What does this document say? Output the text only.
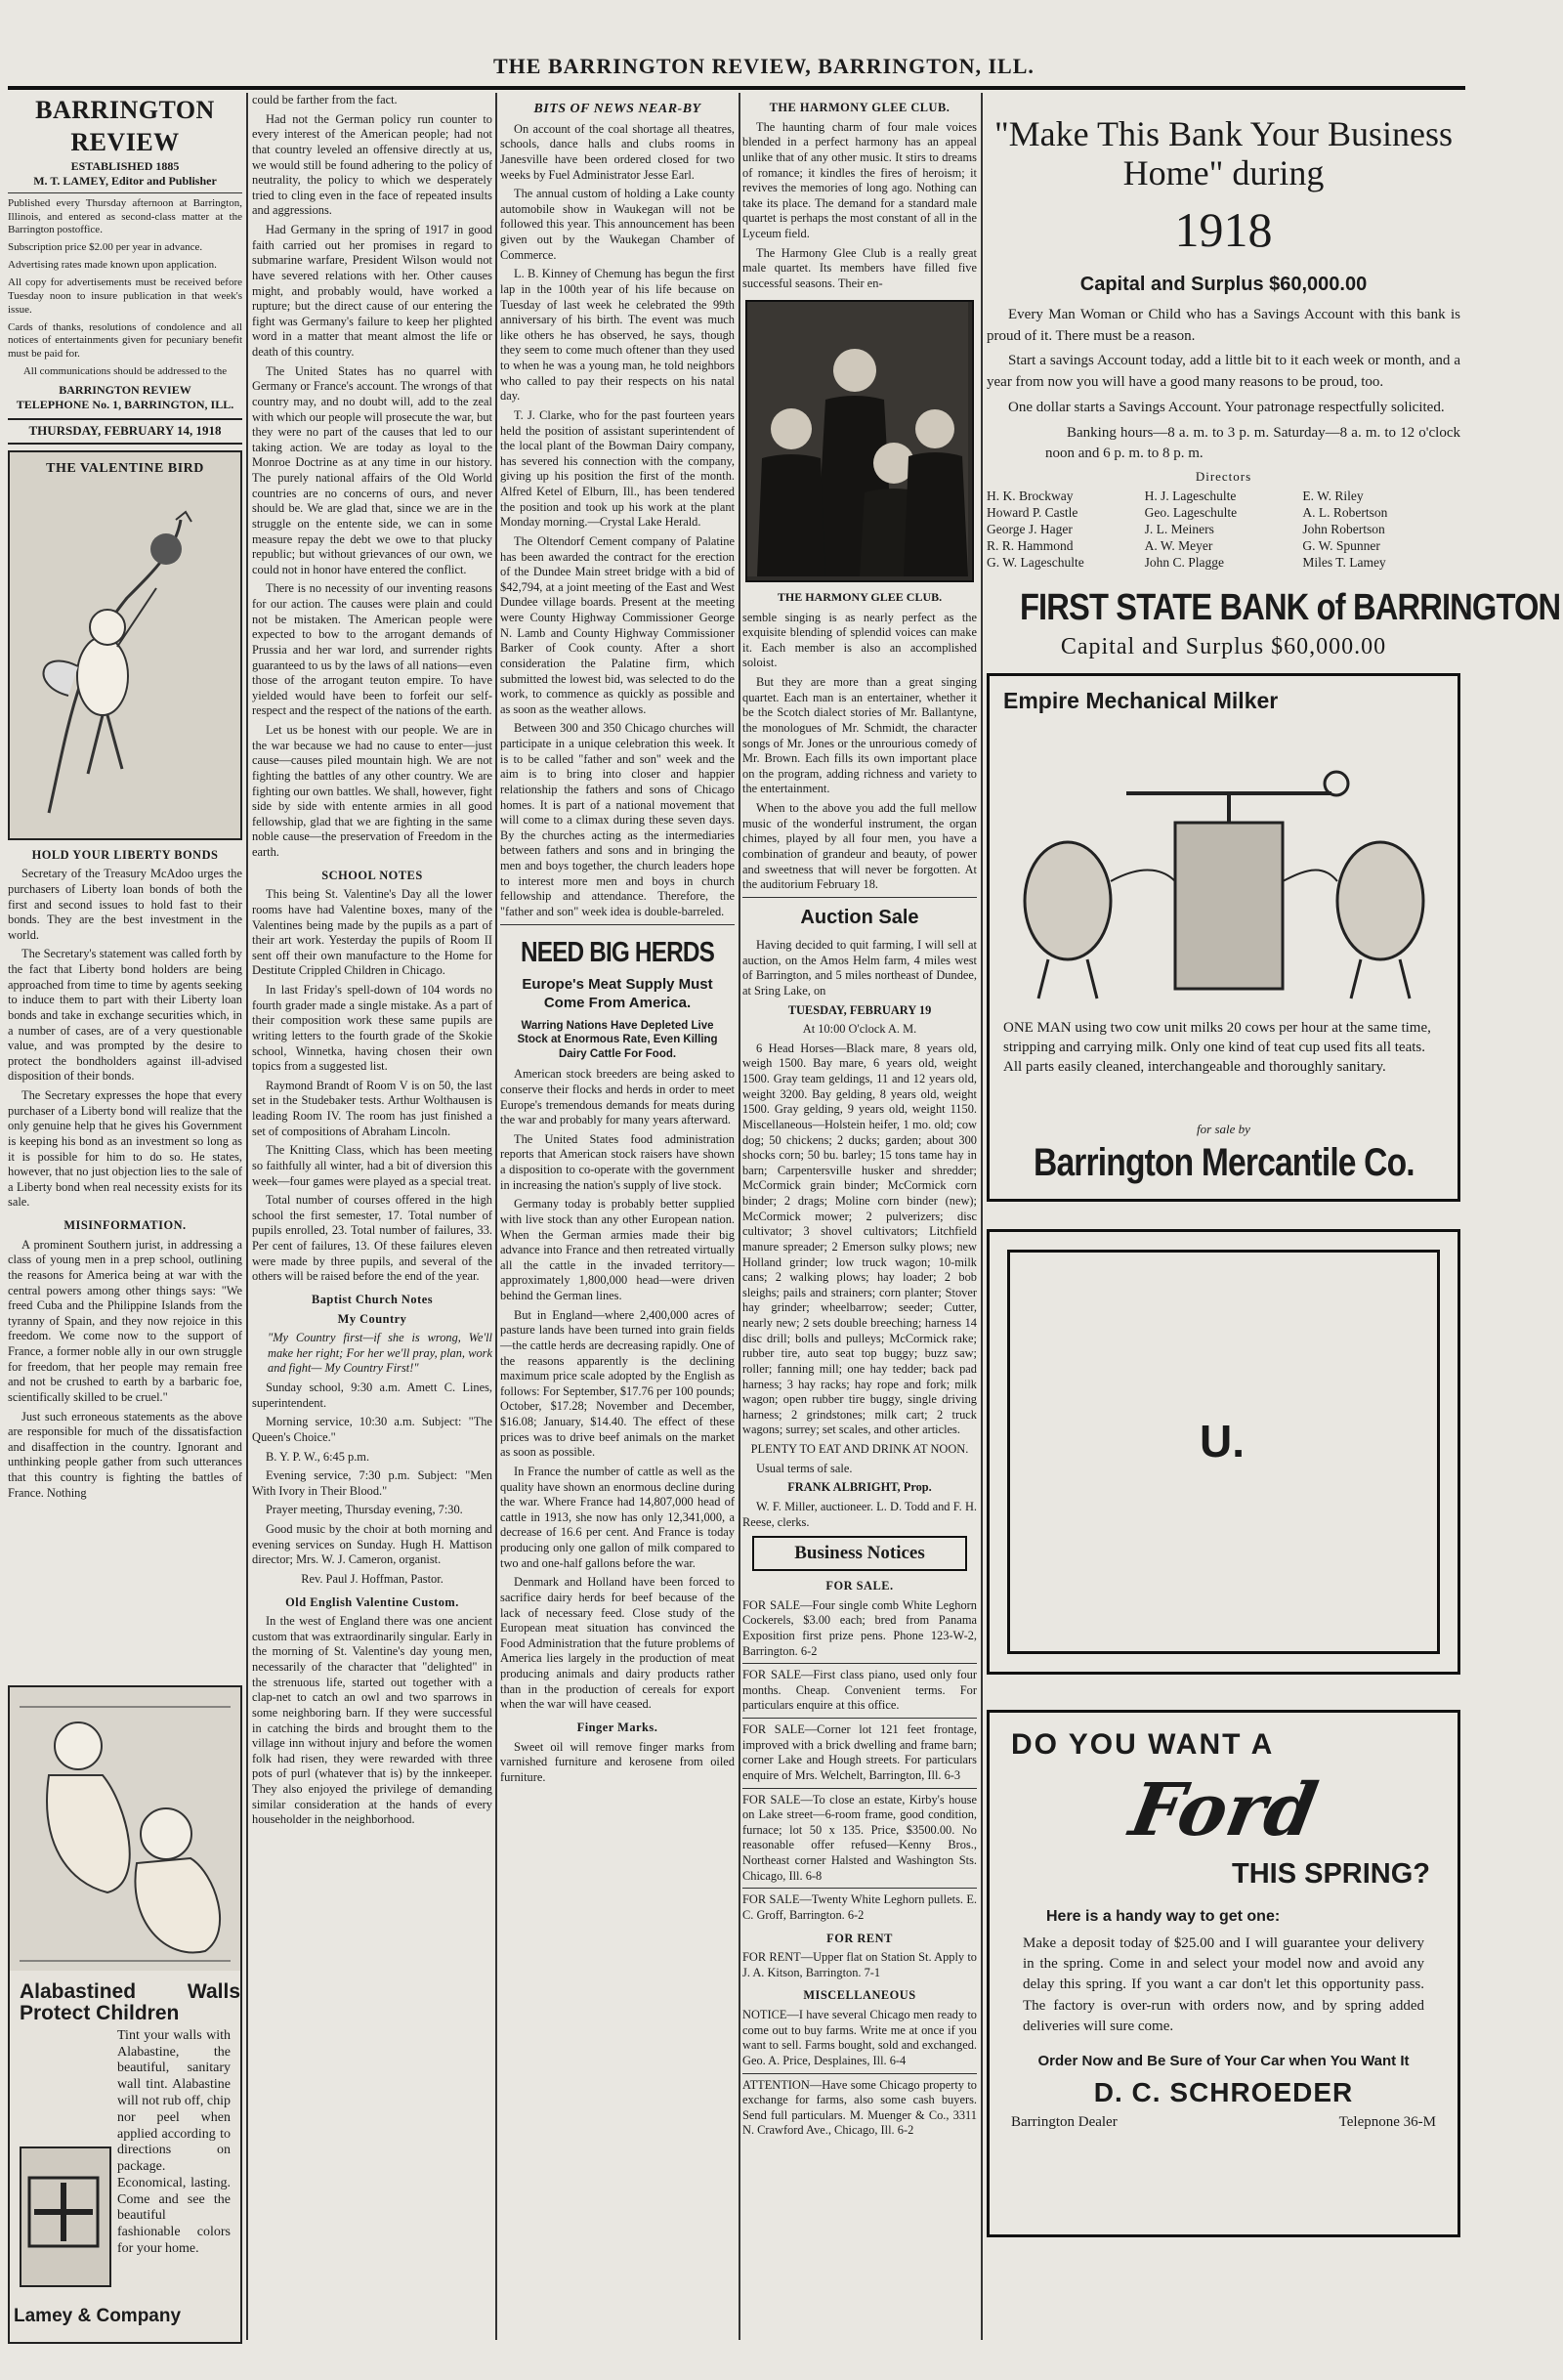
THE BARRINGTON REVIEW, BARRINGTON, ILL.
BARRINGTON REVIEW
ESTABLISHED 1885
M. T. LAMEY, Editor and Publisher

Published every Thursday afternoon at Barrington, Illinois, and entered as second-class matter at the Barrington postoffice.

Subscription price $2.00 per year in advance.

Advertising rates made known upon application.

All copy for advertisements must be received before Tuesday noon to insure publication in that week's issue.

Cards of thanks, resolutions of condolence and all notices of entertainments given for pecuniary benefit must be paid for.

All communications should be addressed to the

BARRINGTON REVIEW
TELEPHONE No. 1, BARRINGTON, ILL.
THURSDAY, FEBRUARY 14, 1918
THE VALENTINE BIRD
HOLD YOUR LIBERTY BONDS

Secretary of the Treasury McAdoo urges the purchasers of Liberty loan bonds of both the first and second issues to hold fast to their bonds. They are the best investment in the world.

The Secretary's statement was called forth by the fact that Liberty bond holders are being approached from time to time by agents seeking to induce them to part with their Liberty loan bonds and take in exchange securities which, in a number of cases, are of a very questionable value, and was prompted by the desire to protect the bondholders against ill-advised disposition of their bonds.

The Secretary expresses the hope that every purchaser of a Liberty bond will realize that the only genuine help that he gives his Government is keeping his bond as an investment so long as it is possible for him to do so. He states, however, that no just objection lies to the sale of a Liberty bond when real necessity exists for its sale.

MISINFORMATION.

A prominent Southern jurist, in addressing a class of young men in a prep school, outlining the reasons for America being at war with the central powers among other things says: "We freed Cuba and the Philippine Islands from the tyranny of Spain, and they now rejoice in this freedom. We come now to the support of France, a former noble ally in our own struggle for freedom, that her people may remain free and not be crushed to earth by a barbaric foe, scientifically skilled to be cruel."

Just such erroneous statements as the above are responsible for much of the dissatisfaction and disaffection in the country. Ignorant and unthinking people gather from such utterances that this country is fighting the battles of France. Nothing

Alabastined Walls Protect Children
Tint your walls with Alabastine, the beautiful, sanitary wall tint. Alabastine will not rub off, chip nor peel when applied according to directions on package. Economical, lasting. Come and see the beautiful fashionable colors for your home.
Lamey & Company

could be farther from the fact.

Had not the German policy run counter to every interest of the American people; had not that country leveled an offensive directly at us, we would still be found adhering to the policy of neutrality, the policy to which we desperately tried to cling even in the face of repeated insults and aggressions.

Had Germany in the spring of 1917 in good faith carried out her promises in regard to submarine warfare, President Wilson would not have severed relations with her. Other causes might, and probably would, have worked a rupture; but the direct cause of our entering the fight was Germany's failure to keep her plighted word in a matter that meant almost the life or death of this country.

The United States has no quarrel with Germany or France's account. The wrongs of that country may, and no doubt will, add to the zeal with which our people will prosecute the war, but they were no part of the causes that led to our taking action. We are today as loyal to the Monroe Doctrine as at any time in our history. The purely national affairs of the Old World countries are no concerns of ours, and never should be. We are glad that, since we are in the struggle on the entente side, we can in some measure repay the debt we owe to that plucky republic; but without grievances of our own, we could not in honor have entered the conflict.

There is no necessity of our inventing reasons for our action. The causes were plain and could not be mistaken. The American people were expected to bow to the arrogant demands of Prussia and her war lord, and surrender rights guaranteed to us by the laws of all nations—even those of the arrogant teuton empire. To have yielded would have been to forfeit our self-respect and the respect of the nations of the earth.

Let us be honest with our people. We are in the war because we had no cause to enter—just cause—causes piled mountain high. We are not fighting the battles of any other country. We are fighting our own battles. We shall, however, fight side by side with entente armies in all good fellowship, glad that we are fighting in the same noble cause—the preservation of Freedom in the earth.

SCHOOL NOTES

This being St. Valentine's Day all the lower rooms have had Valentine boxes, many of the Valentines being made by the pupils as a part of their art work. Yesterday the pupils of Room II sent off their own manufacture to the Home for Destitute Crippled Children in Chicago.

In last Friday's spell-down of 104 words no fourth grader made a single mistake. As a part of their composition work these same pupils are writing letters to the fourth grade of the Skokie school, Winnetka, having chosen their own topics from a suggested list.

Raymond Brandt of Room V is on 50, the last set in the Studebaker tests. Arthur Wolthausen is leading Room IV. The room has just finished a set of compositions of Abraham Lincoln.

The Knitting Class, which has been meeting so faithfully all winter, had a bit of diversion this week—four games were played as a special treat.

Total number of courses offered in the high school the first semester, 17. Total number of pupils enrolled, 23. Total number of failures, 33. Per cent of failures, 13. Of these failures eleven were made by three pupils, and several of the others will be raised before the end of the year.

Baptist Church Notes
My Country

"My Country first—if she is wrong, We'll make her right; For her we'll pray, plan, work and fight— My Country First!"

Sunday school, 9:30 a.m. Amett C. Lines, superintendent.

Morning service, 10:30 a.m. Subject: "The Queen's Choice."

B. Y. P. W., 6:45 p.m.

Evening service, 7:30 p.m. Subject: "Men With Ivory in Their Blood."

Prayer meeting, Thursday evening, 7:30.

Good music by the choir at both morning and evening services on Sunday. Hugh H. Mattison director; Mrs. W. J. Cameron, organist.

Rev. Paul J. Hoffman, Pastor.

Old English Valentine Custom.

In the west of England there was one ancient custom that was extraordinarily singular. Early in the morning of St. Valentine's day young men, necessarily of the character that "delighted" in the strenuous life, started out together with a clap-net to catch an owl and two sparrows in some neighboring barn. If they were successful in catching the birds and brought them to the village inn without injury and before the women folk had risen, they were rewarded with three pots of purl (whatever that is) by the innkeeper. They also enjoyed the privilege of demanding similar consideration at the hands of every householder in the neighborhood.

BITS OF NEWS NEAR-BY

On account of the coal shortage all theatres, schools, dance halls and clubs rooms in Janesville have been ordered closed for two weeks by Fuel Administrator Jesse Earl.

The annual custom of holding a Lake county automobile show in Waukegan will not be followed this year. This announcement has been given out by the Waukegan Chamber of Commerce.

L. B. Kinney of Chemung has begun the first lap in the 100th year of his life because on Tuesday of last week he celebrated the 99th anniversary of his birth. The event was much like others he has observed, he says, though they seem to come much oftener than they used to when he was a young man, he told neighbors who called to pay their respects on his natal day.

T. J. Clarke, who for the past fourteen years held the position of assistant superintendent of the local plant of the Bowman Dairy company, has severed his connection with the company, giving up his position the first of the month. Alfred Ketel of Elburn, Ill., has been tendered the position and took up his work at the plant Monday morning.—Crystal Lake Herald.

The Oltendorf Cement company of Palatine has been awarded the contract for the erection of the Dundee Main street bridge with a bid of $42,794, at a joint meeting of the East and West Dundee village boards. Present at the meeting were County Highway Commissioner George N. Lamb and County Highway Commissioner Barker of Cook county. After a short consideration the Palatine firm, which submitted the lowest bid, was selected to do the work, to commence as quickly as possible and as soon as the weather allows.

Between 300 and 350 Chicago churches will participate in a unique celebration this week. It is to be called "father and son" week and the aim is to bring into closer and happier relationship the fathers and sons of Chicago homes. It is part of a national movement that will come to a climax during these seven days. By the churches acting as the intermediaries between fathers and sons and in bringing the men and boys together, the church leaders hope to interest more men and boys in church fellowship and attendance. Therefore, the "father and son" week idea is double-barreled.

NEED BIG HERDS
Europe's Meat Supply Must Come From America.
Warring Nations Have Depleted Live Stock at Enormous Rate, Even Killing Dairy Cattle For Food.

American stock breeders are being asked to conserve their flocks and herds in order to meet Europe's tremendous demands for meats during the war and probably for many years afterward.

The United States food administration reports that American stock raisers have shown a disposition to co-operate with the government in increasing the nation's supply of live stock.

Germany today is probably better supplied with live stock than any other European nation. When the German armies made their big advance into France and then retreated virtually all the cattle in the invaded territory—approximately 1,800,000 head—were driven behind the German lines.

But in England—where 2,400,000 acres of pasture lands have been turned into grain fields—the cattle herds are decreasing rapidly. One of the reasons apparently is the declining maximum price scale adopted by the English as follows: For September, $17.76 per 100 pounds; October, $17.28; November and December, $16.08; January, $14.40. The effect of these prices was to drive beef animals on the market as soon as possible.

In France the number of cattle as well as the quality have shown an enormous decline during the war. Where France had 14,807,000 head of cattle in 1913, she now has only 12,341,000, a decrease of 16.6 per cent. And France is today producing only one gallon of milk compared to two and one-half gallons before the war.

Denmark and Holland have been forced to sacrifice dairy herds for beef because of the lack of necessary feed. Close study of the European meat situation has convinced the Food Administration that the future problems of America lies largely in the production of meat producing animals and dairy products rather than in the production of cereals for export when the war will have ceased.

Finger Marks.

Sweet oil will remove finger marks from varnished furniture and kerosene from oiled furniture.

THE HARMONY GLEE CLUB.

The haunting charm of four male voices blended in a perfect harmony has an appeal unlike that of any other music. It stirs to dreams of romance; it kindles the fires of heroism; it revives the memories of long ago. Nothing can take its place. The demand for a standard male quartet is perhaps the most constant of all in the Lyceum field.

The Harmony Glee Club is a really great male quartet. Its members have filled five successful seasons. Their en-

THE HARMONY GLEE CLUB.

semble singing is as nearly perfect as the exquisite blending of splendid voices can make it. Each member is also an accomplished soloist.

But they are more than a great singing quartet. Each man is an entertainer, whether it be the Scotch dialect stories of Mr. Ballantyne, the monologues of Mr. Schmidt, the character songs of Mr. Jones or the unrourious comedy of Mr. Brown. Each fills its own important place on the program, adding richness and variety to the entertainment.

When to the above you add the full mellow music of the wonderful instrument, the organ chimes, played by all four men, you have a combination of grandeur and beauty, of power and sweetness that will never be forgotten. At the auditorium February 18.

Auction Sale

Having decided to quit farming, I will sell at auction, on the Amos Helm farm, 4 miles west of Barrington, and 5 miles northeast of Dundee, at Sring Lake, on

TUESDAY, FEBRUARY 19

At 10:00 O'clock A. M.

6 Head Horses—Black mare, 8 years old, weigh 1500. Bay mare, 6 years old, weight 1500. Gray team geldings, 11 and 12 years old, weight 3200. Bay gelding, 8 years old, weight 1500. Gray gelding, 9 years old, weight 1150. Miscellaneous—Holstein heifer, 1 mo. old; cow dog; 50 chickens; 2 ducks; garden; about 300 shocks corn; 50 bu. barley; 15 tons tame hay in barn; Carpentersville husker and shredder; McCormick grain binder; McCormick corn binder; 2 drags; Moline corn binder (new); McCormick mower; 2 pulverizers; disc cultivator; 3 shovel cultivators; Litchfield manure spreader; 2 Emerson sulky plows; new Holland grinder; low truck wagon; 10-milk cans; 2 walking plows; hay loader; 2 bob sleighs; pails and strainers; corn planter; Stover hay grinder; wheelbarrow; seeder; Cutter, nearly new; 2 sets double breeching; harness 14 disc drill; bolls and pulleys; McCormick rake; rubber tire, auto seat top buggy; buzz saw; roller; fanning mill; one hay tedder; back pad harness; 3 hay racks; hay rope and fork; milk wagon; open rubber tire buggy, single driving harness; 2 grindstones; milk cart; 2 truck wagons; surrey; set scales, and other articles.

PLENTY TO EAT AND DRINK AT NOON.

Usual terms of sale.

FRANK ALBRIGHT, Prop.

W. F. Miller, auctioneer. L. D. Todd and F. H. Reese, clerks.

Business Notices
FOR SALE.

FOR SALE—Four single comb White Leghorn Cockerels, $3.00 each; bred from Panama Exposition first prize pens. Phone 123-W-2, Barrington. 6-2

FOR SALE—First class piano, used only four months. Cheap. Convenient terms. For particulars enquire at this office.

FOR SALE—Corner lot 121 feet frontage, improved with a brick dwelling and frame barn; corner Lake and Hough streets. For particulars enquire of Mrs. Welchelt, Barrington, Ill. 6-3

FOR SALE—To close an estate, Kirby's house on Lake street—6-room frame, good condition, furnace; lot 50 x 135. Price, $3500.00. No reasonable offer refused—Kenny Bros., Northeast corner Halsted and Washington Sts. Chicago, Ill. 6-8

FOR SALE—Twenty White Leghorn pullets. E. C. Groff, Barrington. 6-2

FOR RENT

FOR RENT—Upper flat on Station St. Apply to J. A. Kitson, Barrington. 7-1

MISCELLANEOUS

NOTICE—I have several Chicago men ready to come out to buy farms. Write me at once if you want to sell. Farms bought, sold and exchanged. Geo. A. Price, Desplaines, Ill. 6-4

ATTENTION—Have some Chicago property to exchange for farms, also some cash buyers. Send full particulars. M. Muenger & Co., 3311 N. Crawford Ave., Chicago, Ill. 6-2

"Make This Bank Your Business Home" during
1918
Capital and Surplus $60,000.00

Every Man Woman or Child who has a Savings Account with this bank is proud of it. There must be a reason.

Start a savings Account today, add a little bit to it each week or month, and a year from now you will have a good many reasons to be proud, too.

One dollar starts a Savings Account. Your patronage respectfully solicited.

Banking hours—8 a. m. to 3 p. m. Saturday—8 a. m. to 12 o'clock noon and 6 p. m. to 8 p. m.

Directors
H. K. Brockway	H. J. Lageschulte	E. W. Riley
Howard P. Castle	Geo. Lageschulte	A. L. Robertson
George J. Hager	J. L. Meiners	John Robertson
R. R. Hammond	A. W. Meyer	G. W. Spunner
G. W. Lageschulte	John C. Plagge	Miles T. Lamey
FIRST STATE BANK of BARRINGTON
Capital and Surplus $60,000.00
Empire Mechanical Milker
ONE MAN using two cow unit milks 20 cows per hour at the same time, stripping and carrying milk. Only one kind of teat cup used fits all teats. All parts easily cleaned, interchangeable and thoroughly sanitary.
for sale by
Barrington Mercantile Co.
U.
DO YOU WANT A
Ford
THIS SPRING?
Here is a handy way to get one:
Make a deposit today of $25.00 and I will guarantee your delivery in the spring. Come in and select your model now and avoid any delay this spring. If you want a car don't let this opportunity pass. The factory is over-run with orders now, and by spring added deliveries will sure come.
Order Now and Be Sure of Your Car when You Want It
D. C. SCHROEDER
Barrington Dealer	Telepnone 36-M
